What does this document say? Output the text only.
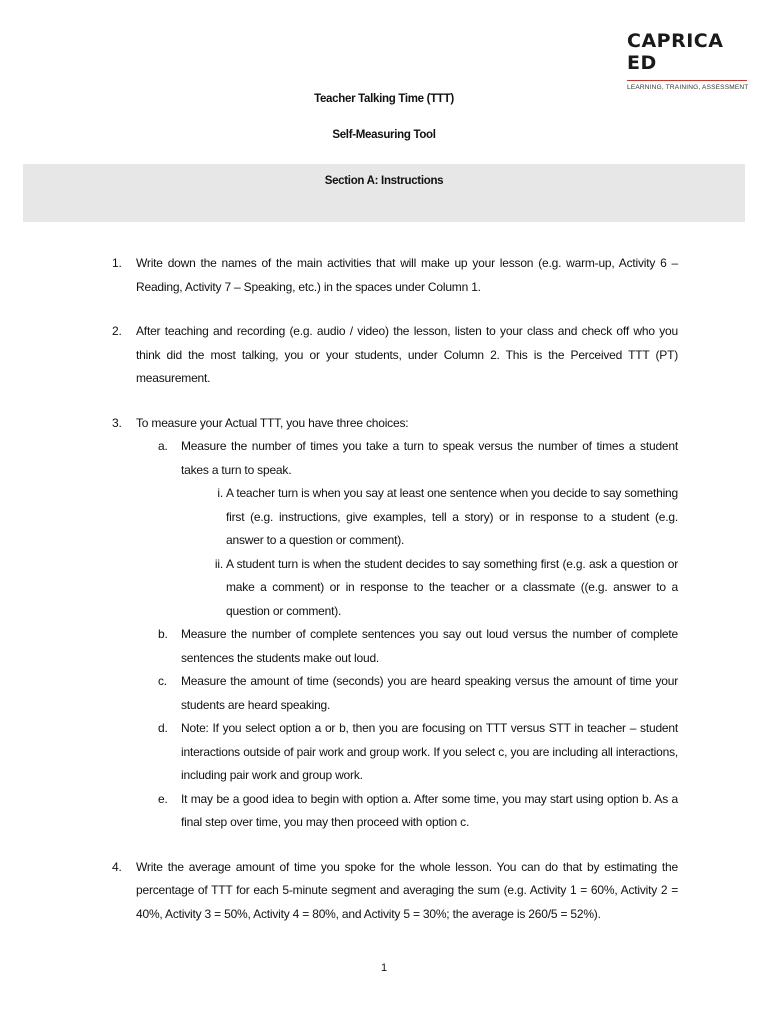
CAPRICA ED
LEARNING, TRAINING, ASSESSMENT
Teacher Talking Time (TTT)
Self-Measuring Tool
Section A: Instructions
1. Write down the names of the main activities that will make up your lesson (e.g. warm-up, Activity 6 – Reading, Activity 7 – Speaking, etc.) in the spaces under Column 1.
2. After teaching and recording (e.g. audio / video) the lesson, listen to your class and check off who you think did the most talking, you or your students, under Column 2. This is the Perceived TTT (PT) measurement.
3. To measure your Actual TTT, you have three choices:
a. Measure the number of times you take a turn to speak versus the number of times a student takes a turn to speak.
i. A teacher turn is when you say at least one sentence when you decide to say something first (e.g. instructions, give examples, tell a story) or in response to a student (e.g. answer to a question or comment).
ii. A student turn is when the student decides to say something first (e.g. ask a question or make a comment) or in response to the teacher or a classmate ((e.g. answer to a question or comment).
b. Measure the number of complete sentences you say out loud versus the number of complete sentences the students make out loud.
c. Measure the amount of time (seconds) you are heard speaking versus the amount of time your students are heard speaking.
d. Note: If you select option a or b, then you are focusing on TTT versus STT in teacher – student interactions outside of pair work and group work. If you select c, you are including all interactions, including pair work and group work.
e. It may be a good idea to begin with option a. After some time, you may start using option b. As a final step over time, you may then proceed with option c.
4. Write the average amount of time you spoke for the whole lesson. You can do that by estimating the percentage of TTT for each 5-minute segment and averaging the sum (e.g. Activity 1 = 60%, Activity 2 = 40%, Activity 3 = 50%, Activity 4 = 80%, and Activity 5 = 30%; the average is 260/5 = 52%).
1
